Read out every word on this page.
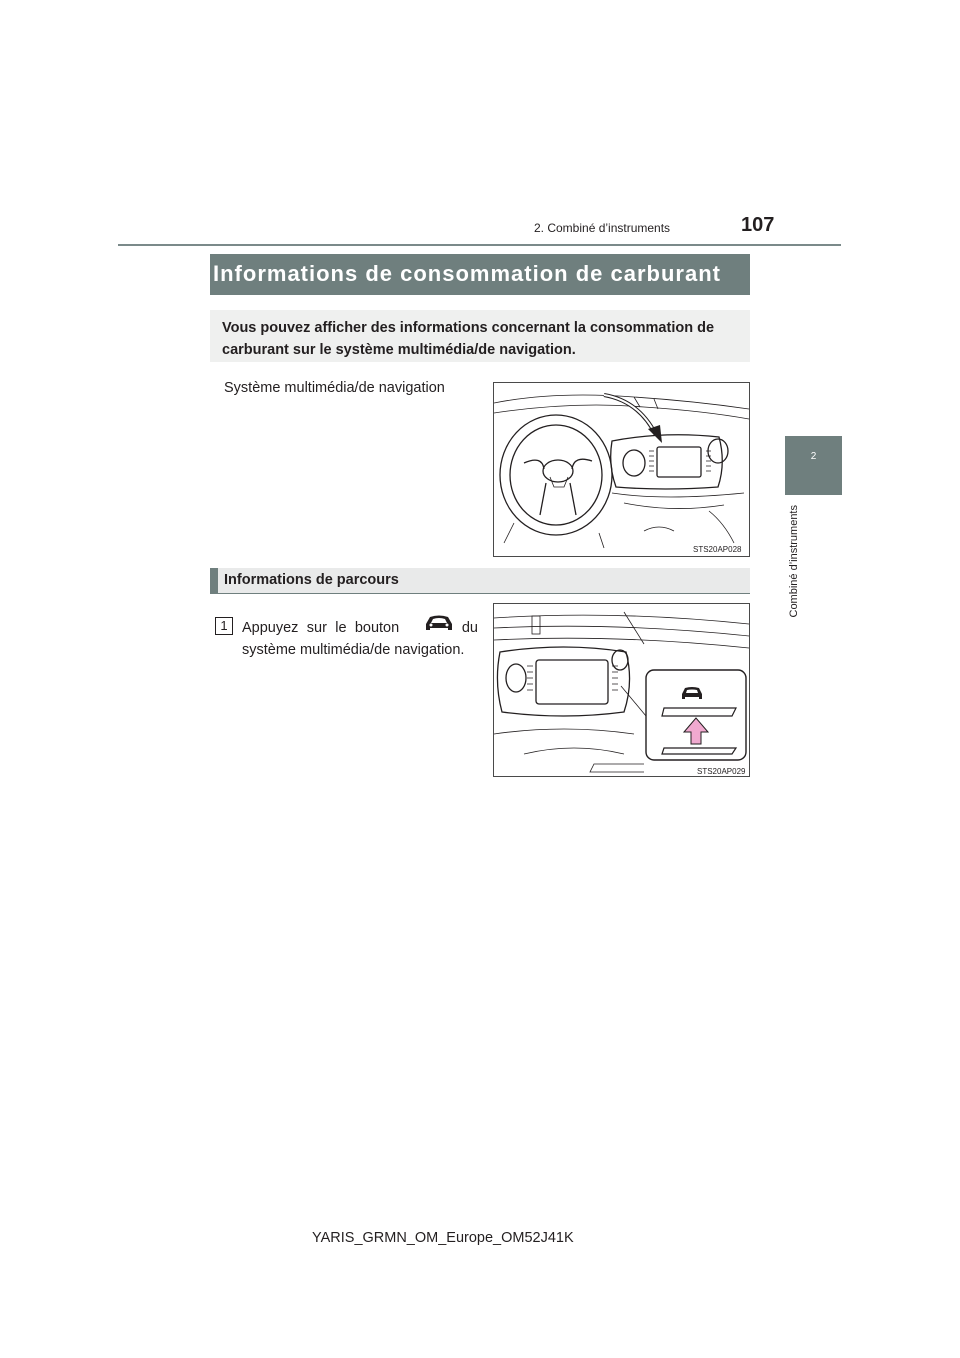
2. Combiné d’instruments	107
2
Combiné d’instruments
Informations de consommation de carburant
Vous pouvez afficher des informations concernant la consommation de carburant sur le système multimédia/de navigation.
Système multimédia/de navigation
STS20AP028
Informations de parcours
1 Appuyez sur le bouton	du
système multimédia/de navigation.
STS20AP029
YARIS_GRMN_OM_Europe_OM52J41K
